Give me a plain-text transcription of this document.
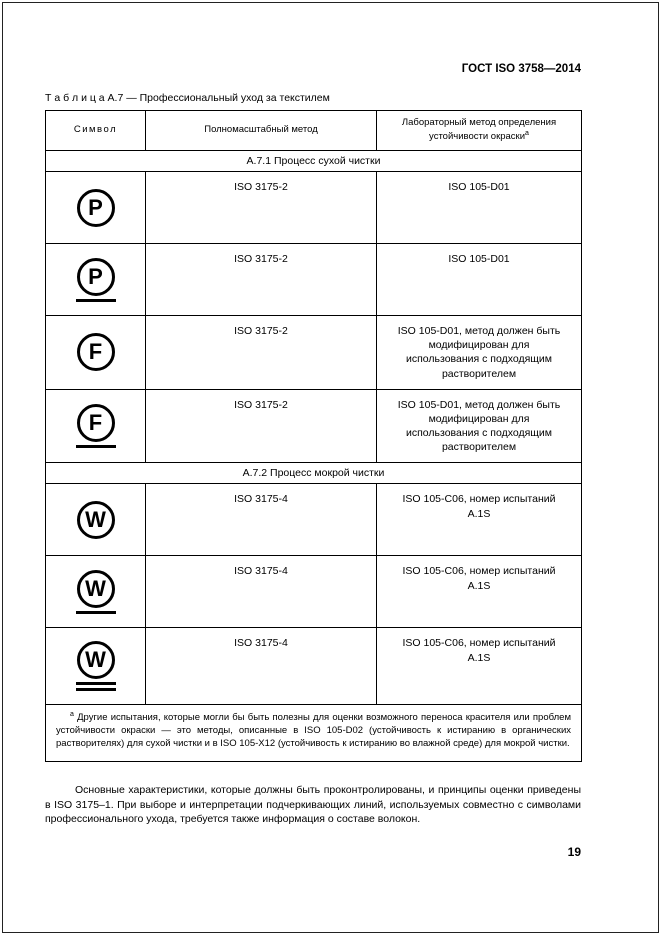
ГОСТ ISO 3758—2014
Т а б л и ц а А.7 — Профессиональный уход за текстилем
Символ	Полномасштабный метод	Лабораторный метод определения устойчивости окраски$^а$
А.7.1 Процесс сухой чистки		

P	ISO 3175-2	ISO 105-D01

P	ISO 3175-2	ISO 105-D01

F	ISO 3175-2	ISO 105-D01, метод должен быть модифицирован для использования с подходящим растворителем

F	ISO 3175-2	ISO 105-D01, метод должен быть модифицирован для использования с подходящим растворителем
А.7.2 Процесс мокрой чистки		

W	ISO 3175-4	ISO 105-C06, номер испытаний А.1S

W	ISO 3175-4	ISO 105-C06, номер испытаний А.1S

W	ISO 3175-4	ISO 105-C06, номер испытаний А.1S
$^а$ Другие испытания, которые могли бы быть полезны для оценки возможного переноса красителя или проблем устойчивости окраски — это методы, описанные в ISO 105-D02 (устойчивость к истиранию в органических растворителях) для сухой чистки и в ISO 105-X12 (устойчивость к истиранию во влажной среде) для мокрой чистки.		
Основные характеристики, которые должны быть проконтролированы, и принципы оценки приведены в ISO 3175–1. При выборе и интерпретации подчеркивающих линий, используемых совместно с символами профессионального ухода, требуется также информация о составе волокон.
19
